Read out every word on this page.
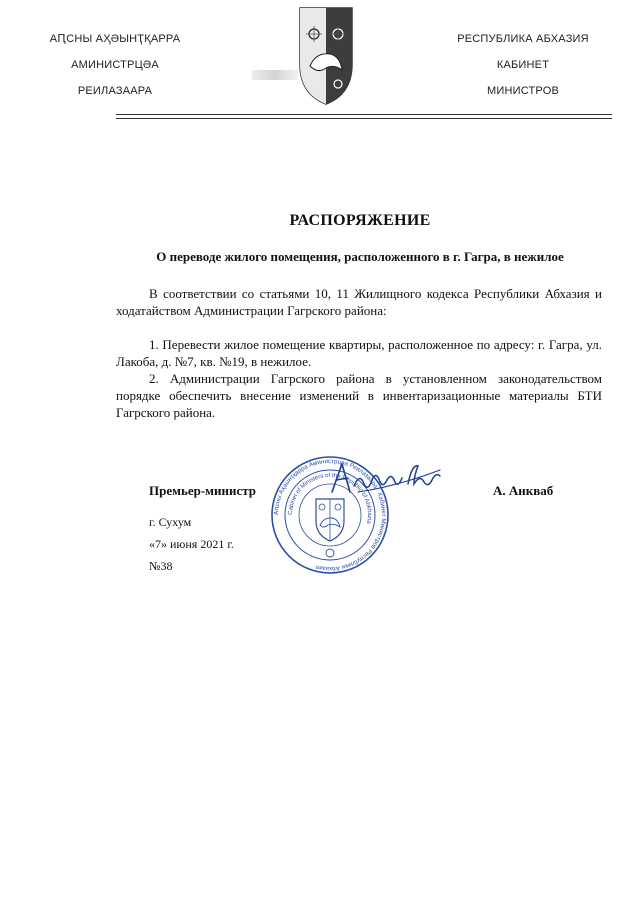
АԤСНЫ АҲӘЫНҬҚАРРА
АМИНИСТРЦӘА
РЕИЛАЗААРА
РЕСПУБЛИКА АБХАЗИЯ
КАБИНЕТ
МИНИСТРОВ
РАСПОРЯЖЕНИЕ
О переводе жилого помещения, расположенного в г. Гагра, в нежилое
В соответствии со статьями 10, 11 Жилищного кодекса Республики Абхазия и ходатайством Администрации Гагрского района:
1. Перевести жилое помещение квартиры, расположенное по адресу: г. Гагра, ул. Лакоба, д. №7, кв. №19, в нежилое.
2. Администрации Гагрского района в установленном законодательством порядке обеспечить внесение изменений в инвентаризационные материалы БТИ Гагрского района.
Премьер-министр	А. Анкваб
г. Сухум
«7» июня 2021 г.
№38
Аԥсны Аҳәынҭқарра Аминистрцәа Реилазаара · Кабинет Министров Республики Абхазия
Cabinet of Ministers of the Republic of Abkhazia
